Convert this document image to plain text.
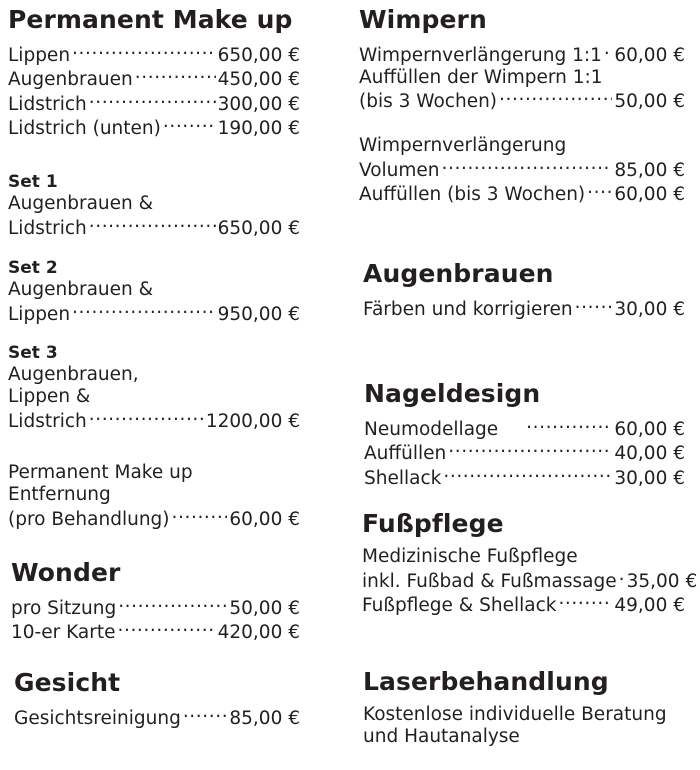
Permanent Make up
Lippen .....	650,00 €
Augenbrauen .....	450,00 €
Lidstrich .....	300,00 €
Lidstrich (unten) .....	190,00 €
Set 1
Augenbrauen &
Lidstrich .....	650,00 €
Set 2
Augenbrauen &
Lippen .....	950,00 €
Set 3
Augenbrauen,
Lippen &
Lidstrich .....	1200,00 €
Permanent Make up
Entfernung
(pro Behandlung) .....	60,00 €
Wonder
pro Sitzung .....	50,00 €
10-er Karte .....	420,00 €
Gesicht
Gesichtsreinigung .....	85,00 €
Wimpern
Wimpernverlängerung 1:1 ..... 60,00 €
Auffüllen der Wimpern 1:1
(bis 3 Wochen) .....	50,00 €
Wimpernverlängerung
Volumen .....	85,00 €
Auffüllen (bis 3 Wochen) ..... 60,00 €
Augenbrauen
Färben und korrigieren ..... 30,00 €
Nageldesign
Neumodellage .....	60,00 €
Auffüllen .....	40,00 €
Shellack .....	30,00 €
Fußpflege
Medizinische Fußpflege
inkl. Fußbad & Fußmassage ..... 35,00 €
Fußpflege & Shellack .....	49,00 €
Laserbehandlung
Kostenlose individuelle Beratung
und Hautanalyse
